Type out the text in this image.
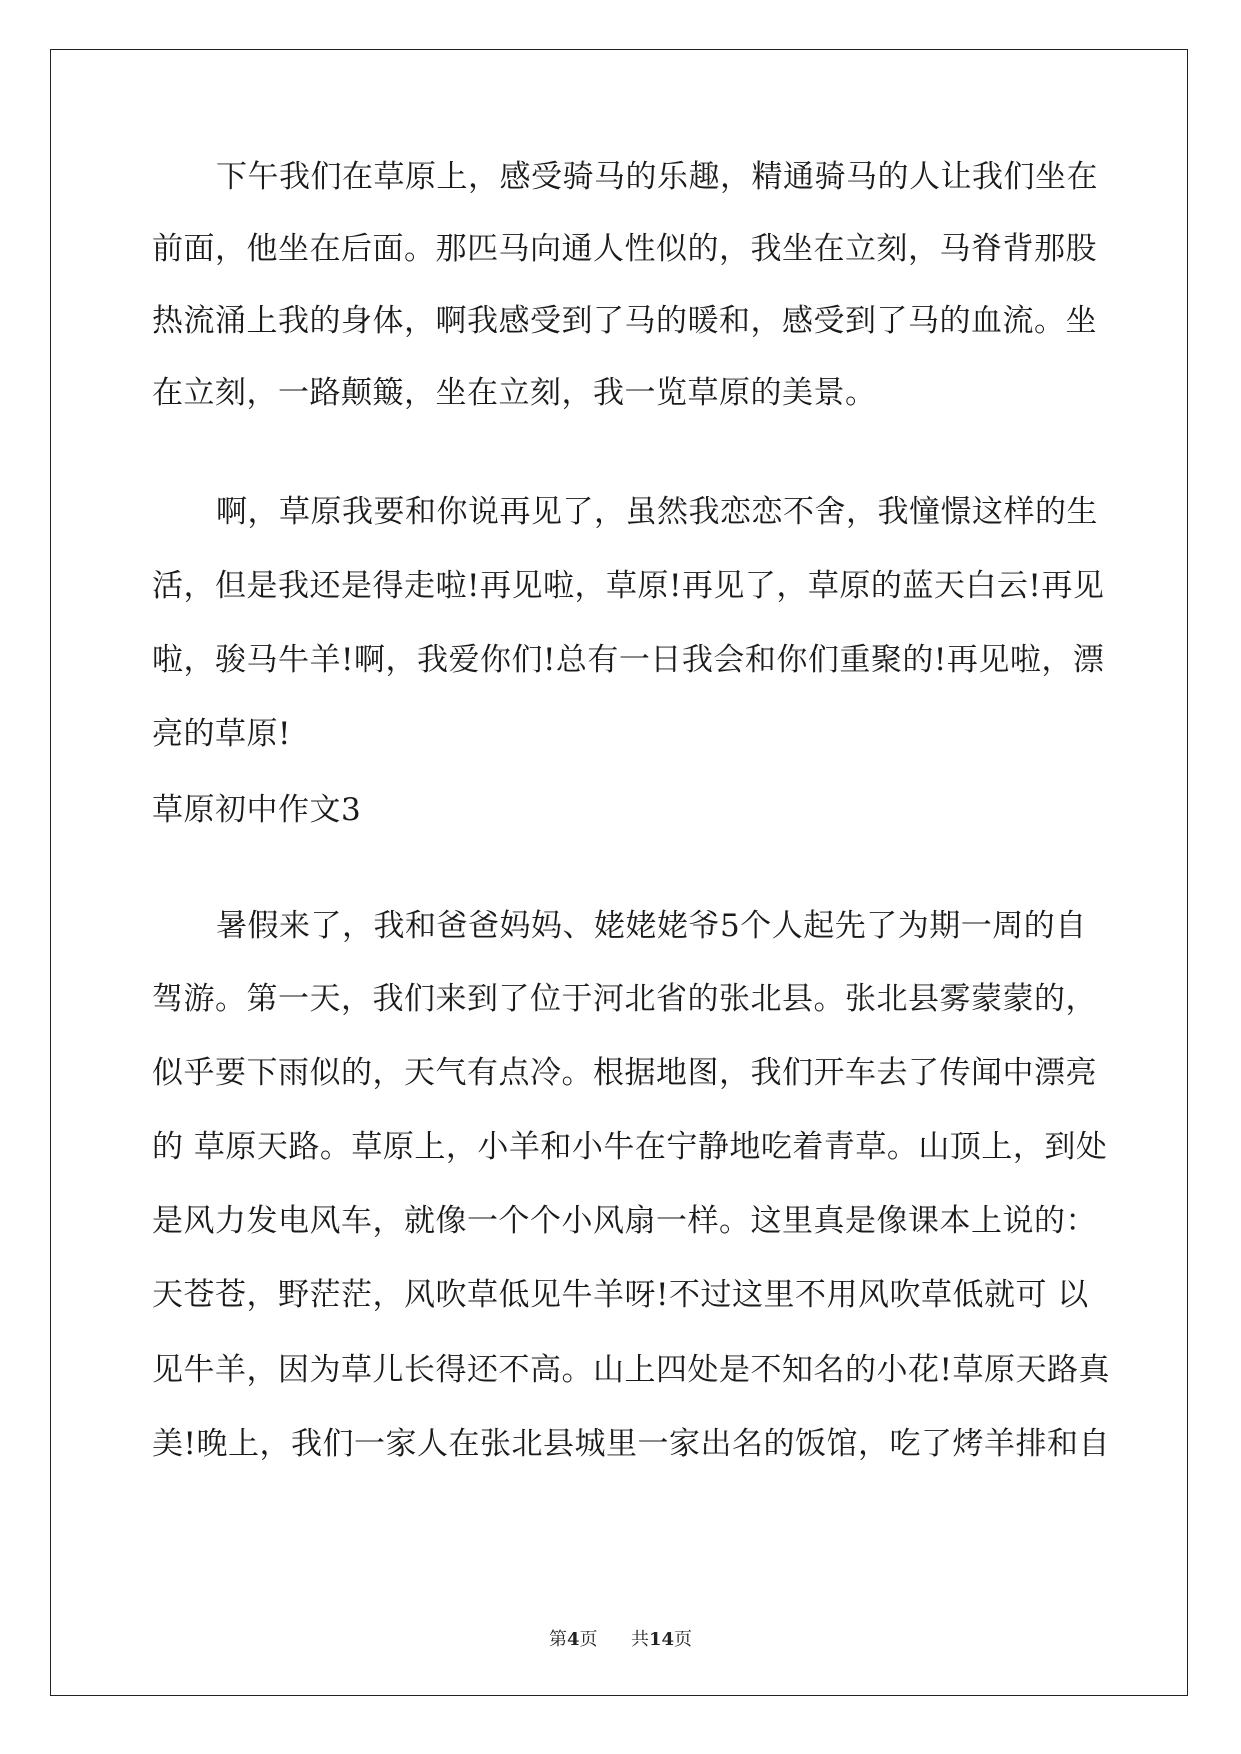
下午我们在草原上，感受骑马的乐趣，精通骑马的人让我们坐在
前面，他坐在后面。那匹马向通人性似的，我坐在立刻，马脊背那股
热流涌上我的身体，啊我感受到了马的暖和，感受到了马的血流。坐
在立刻，一路颠簸，坐在立刻，我一览草原的美景。
啊，草原我要和你说再见了，虽然我恋恋不舍，我憧憬这样的生
活，但是我还是得走啦!再见啦，草原!再见了，草原的蓝天白云!再见
啦，骏马牛羊!啊，我爱你们!总有一日我会和你们重聚的!再见啦，漂
亮的草原!
草原初中作文3
暑假来了，我和爸爸妈妈、姥姥姥爷5个人起先了为期一周的自
驾游。第一天，我们来到了位于河北省的张北县。张北县雾蒙蒙的，
似乎要下雨似的，天气有点冷。根据地图，我们开车去了传闻中漂亮
的 草原天路。草原上，小羊和小牛在宁静地吃着青草。山顶上，到处
是风力发电风车，就像一个个小风扇一样。这里真是像课本上说的：
天苍苍，野茫茫，风吹草低见牛羊呀!不过这里不用风吹草低就可 以
见牛羊，因为草儿长得还不高。山上四处是不知名的小花!草原天路真
美!晚上，我们一家人在张北县城里一家出名的饭馆，吃了烤羊排和自
第4页 共14页
